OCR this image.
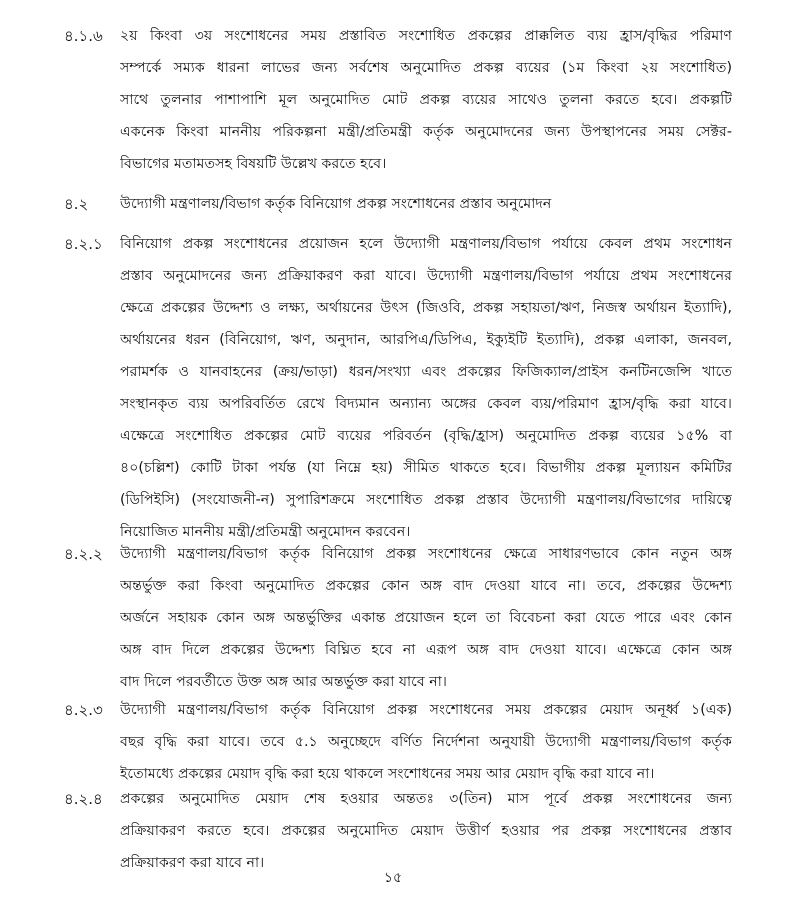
৪.১.৬ ২য় কিংবা ৩য় সংশোধনের সময় প্রস্তাবিত সংশোধিত প্রকল্পের প্রাক্কলিত ব্যয় হ্রাস/বৃদ্ধির পরিমাণ
সম্পর্কে সম্যক ধারনা লাভের জন্য সর্বশেষ অনুমোদিত প্রকল্প ব্যয়ের (১ম কিংবা ২য় সংশোধিত)
সাথে তুলনার পাশাপাশি মূল অনুমোদিত মোট প্রকল্প ব্যয়ের সাথেও তুলনা করতে হবে। প্রকল্পটি
একনেক কিংবা মাননীয় পরিকল্পনা মন্ত্রী/প্রতিমন্ত্রী কর্তৃক অনুমোদনের জন্য উপস্থাপনের সময় সেক্টর-
বিভাগের মতামতসহ বিষয়টি উল্লেখ করতে হবে।
৪.২ উদ্যোগী মন্ত্রণালয়/বিভাগ কর্তৃক বিনিয়োগ প্রকল্প সংশোধনের প্রস্তাব অনুমোদন
৪.২.১ বিনিয়োগ প্রকল্প সংশোধনের প্রয়োজন হলে উদ্যোগী মন্ত্রণালয়/বিভাগ পর্যায়ে কেবল প্রথম সংশোধন
প্রস্তাব অনুমোদনের জন্য প্রক্রিয়াকরণ করা যাবে। উদ্যোগী মন্ত্রণালয়/বিভাগ পর্যায়ে প্রথম সংশোধনের
ক্ষেত্রে প্রকল্পের উদ্দেশ্য ও লক্ষ্য, অর্থায়নের উৎস (জিওবি, প্রকল্প সহায়তা/ঋণ, নিজস্ব অর্থায়ন ইত্যাদি),
অর্থায়নের ধরন (বিনিয়োগ, ঋণ, অনুদান, আরপিএ/ডিপিএ, ইক্যুইটি ইত্যাদি), প্রকল্প এলাকা, জনবল,
পরামর্শক ও যানবাহনের (ক্রয়/ভাড়া) ধরন/সংখ্যা এবং প্রকল্পের ফিজিক্যাল/প্রাইস কনটিনজেন্সি খাতে
সংস্থানকৃত ব্যয় অপরিবর্তিত রেখে বিদ্যমান অন্যান্য অঙ্গের কেবল ব্যয়/পরিমাণ হ্রাস/বৃদ্ধি করা যাবে।
এক্ষেত্রে সংশোধিত প্রকল্পের মোট ব্যয়ের পরিবর্তন (বৃদ্ধি/হ্রাস) অনুমোদিত প্রকল্প ব্যয়ের ১৫% বা
৪০(চল্লিশ) কোটি টাকা পর্যন্ত (যা নিম্নে হয়) সীমিত থাকতে হবে। বিভাগীয় প্রকল্প মূল্যায়ন কমিটির
(ডিপিইসি) (সংযোজনী-ন) সুপারিশক্রমে সংশোধিত প্রকল্প প্রস্তাব উদ্যোগী মন্ত্রণালয়/বিভাগের দায়িত্বে
নিয়োজিত মাননীয় মন্ত্রী/প্রতিমন্ত্রী অনুমোদন করবেন।
৪.২.২ উদ্যোগী মন্ত্রণালয়/বিভাগ কর্তৃক বিনিয়োগ প্রকল্প সংশোধনের ক্ষেত্রে সাধারণভাবে কোন নতুন অঙ্গ
অন্তর্ভুক্ত করা কিংবা অনুমোদিত প্রকল্পের কোন অঙ্গ বাদ দেওয়া যাবে না। তবে, প্রকল্পের উদ্দেশ্য
অর্জনে সহায়ক কোন অঙ্গ অন্তর্ভুক্তির একান্ত প্রয়োজন হলে তা বিবেচনা করা যেতে পারে এবং কোন
অঙ্গ বাদ দিলে প্রকল্পের উদ্দেশ্য বিঘ্নিত হবে না এরূপ অঙ্গ বাদ দেওয়া যাবে। এক্ষেত্রে কোন অঙ্গ
বাদ দিলে পরবর্তীতে উক্ত অঙ্গ আর অন্তর্ভুক্ত করা যাবে না।
৪.২.৩ উদ্যোগী মন্ত্রণালয়/বিভাগ কর্তৃক বিনিয়োগ প্রকল্প সংশোধনের সময় প্রকল্পের মেয়াদ অনূর্ধ্ব ১(এক)
বছর বৃদ্ধি করা যাবে। তবে ৫.১ অনুচ্ছেদে বর্ণিত নির্দেশনা অনুযায়ী উদ্যোগী মন্ত্রণালয়/বিভাগ কর্তৃক
ইতোমধ্যে প্রকল্পের মেয়াদ বৃদ্ধি করা হয়ে থাকলে সংশোধনের সময় আর মেয়াদ বৃদ্ধি করা যাবে না।
৪.২.৪ প্রকল্পের অনুমোদিত মেয়াদ শেষ হওয়ার অন্ততঃ ৩(তিন) মাস পূর্বে প্রকল্প সংশোধনের জন্য
প্রক্রিয়াকরণ করতে হবে। প্রকল্পের অনুমোদিত মেয়াদ উত্তীর্ণ হওয়ার পর প্রকল্প সংশোধনের প্রস্তাব
প্রক্রিয়াকরণ করা যাবে না।
১৫
